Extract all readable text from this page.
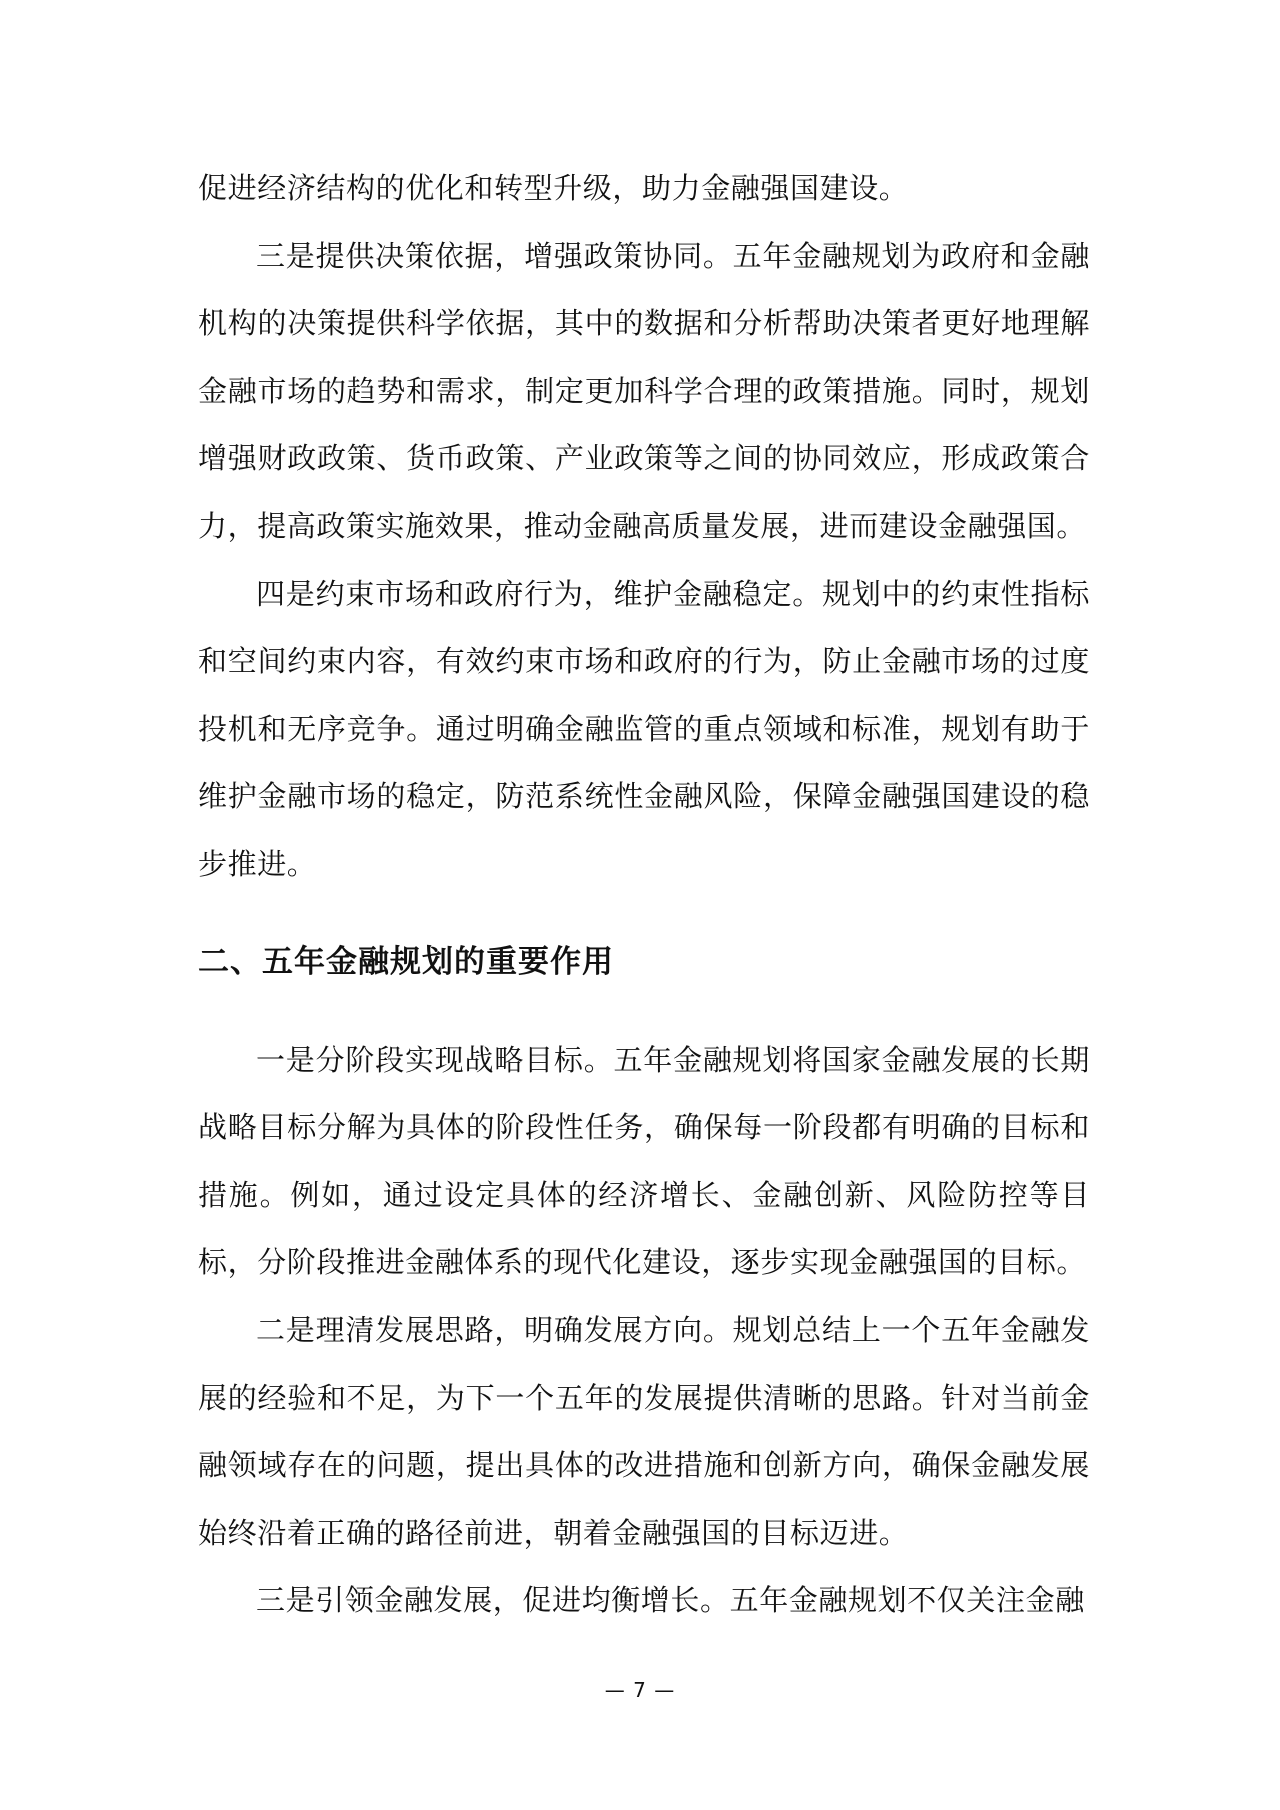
促进经济结构的优化和转型升级，助力金融强国建设。

三是提供决策依据，增强政策协同。五年金融规划为政府和金融机构的决策提供科学依据，其中的数据和分析帮助决策者更好地理解金融市场的趋势和需求，制定更加科学合理的政策措施。同时，规划增强财政政策、货币政策、产业政策等之间的协同效应，形成政策合力，提高政策实施效果，推动金融高质量发展，进而建设金融强国。

四是约束市场和政府行为，维护金融稳定。规划中的约束性指标和空间约束内容，有效约束市场和政府的行为，防止金融市场的过度投机和无序竞争。通过明确金融监管的重点领域和标准，规划有助于维护金融市场的稳定，防范系统性金融风险，保障金融强国建设的稳步推进。

二、五年金融规划的重要作用

一是分阶段实现战略目标。五年金融规划将国家金融发展的长期战略目标分解为具体的阶段性任务，确保每一阶段都有明确的目标和措施。例如，通过设定具体的经济增长、金融创新、风险防控等目标，分阶段推进金融体系的现代化建设，逐步实现金融强国的目标。

二是理清发展思路，明确发展方向。规划总结上一个五年金融发展的经验和不足，为下一个五年的发展提供清晰的思路。针对当前金融领域存在的问题，提出具体的改进措施和创新方向，确保金融发展始终沿着正确的路径前进，朝着金融强国的目标迈进。

三是引领金融发展，促进均衡增长。五年金融规划不仅关注金融

— 7 —
